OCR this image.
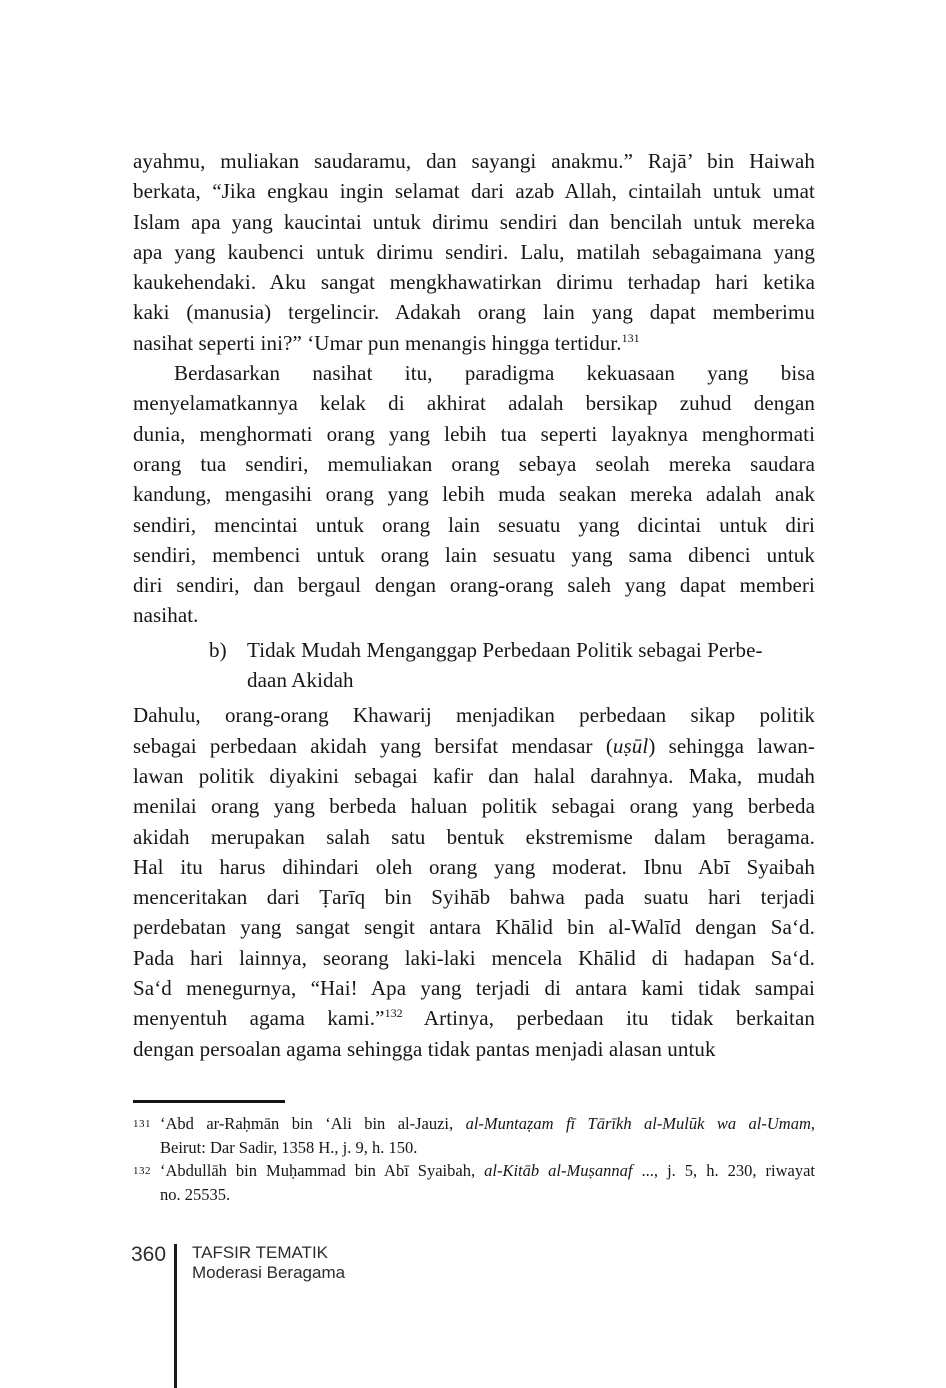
ayahmu, muliakan saudaramu, dan sayangi anakmu.” Rajā’ bin Haiwah
berkata, “Jika engkau ingin selamat dari azab Allah, cintailah untuk umat
Islam apa yang kaucintai untuk dirimu sendiri dan bencilah untuk mereka
apa yang kaubenci untuk dirimu sendiri. Lalu, matilah sebagaimana yang
kaukehendaki. Aku sangat mengkhawatirkan dirimu terhadap hari ketika
kaki (manusia) tergelincir. Adakah orang lain yang dapat memberimu
nasihat seperti ini?” ‘Umar pun menangis hingga tertidur.$^{131}$
Berdasarkan nasihat itu, paradigma kekuasaan yang bisa
menyelamatkannya kelak di akhirat adalah bersikap zuhud dengan
dunia, menghormati orang yang lebih tua seperti layaknya menghormati
orang tua sendiri, memuliakan orang sebaya seolah mereka saudara
kandung, mengasihi orang yang lebih muda seakan mereka adalah anak
sendiri, mencintai untuk orang lain sesuatu yang dicintai untuk diri
sendiri, membenci untuk orang lain sesuatu yang sama dibenci untuk
diri sendiri, dan bergaul dengan orang-orang saleh yang dapat memberi
nasihat.
b) Tidak Mudah Menganggap Perbedaan Politik sebagai Perbe-
daan Akidah
Dahulu, orang-orang Khawarij menjadikan perbedaan sikap politik
sebagai perbedaan akidah yang bersifat mendasar (uṣūl) sehingga lawan-
lawan politik diyakini sebagai kafir dan halal darahnya. Maka, mudah
menilai orang yang berbeda haluan politik sebagai orang yang berbeda
akidah merupakan salah satu bentuk ekstremisme dalam beragama.
Hal itu harus dihindari oleh orang yang moderat. Ibnu Abī Syaibah
menceritakan dari Ṭarīq bin Syihāb bahwa pada suatu hari terjadi
perdebatan yang sangat sengit antara Khālid bin al-Walīd dengan Sa‘d.
Pada hari lainnya, seorang laki-laki mencela Khālid di hadapan Sa‘d.
Sa‘d menegurnya, “Hai! Apa yang terjadi di antara kami tidak sampai
menyentuh agama kami.”$^{132}$ Artinya, perbedaan itu tidak berkaitan
dengan persoalan agama sehingga tidak pantas menjadi alasan untuk
131 ‘Abd ar-Raḥmān bin ‘Ali bin al-Jauzi, al-Muntaẓam fī Tārīkh al-Mulūk wa al-Umam,
Beirut: Dar Sadir, 1358 H., j. 9, h. 150.
132 ‘Abdullāh bin Muḥammad bin Abī Syaibah, al-Kitāb al-Muṣannaf ..., j. 5, h. 230, riwayat
no. 25535.
360 TAFSIR TEMATIK
Moderasi Beragama
